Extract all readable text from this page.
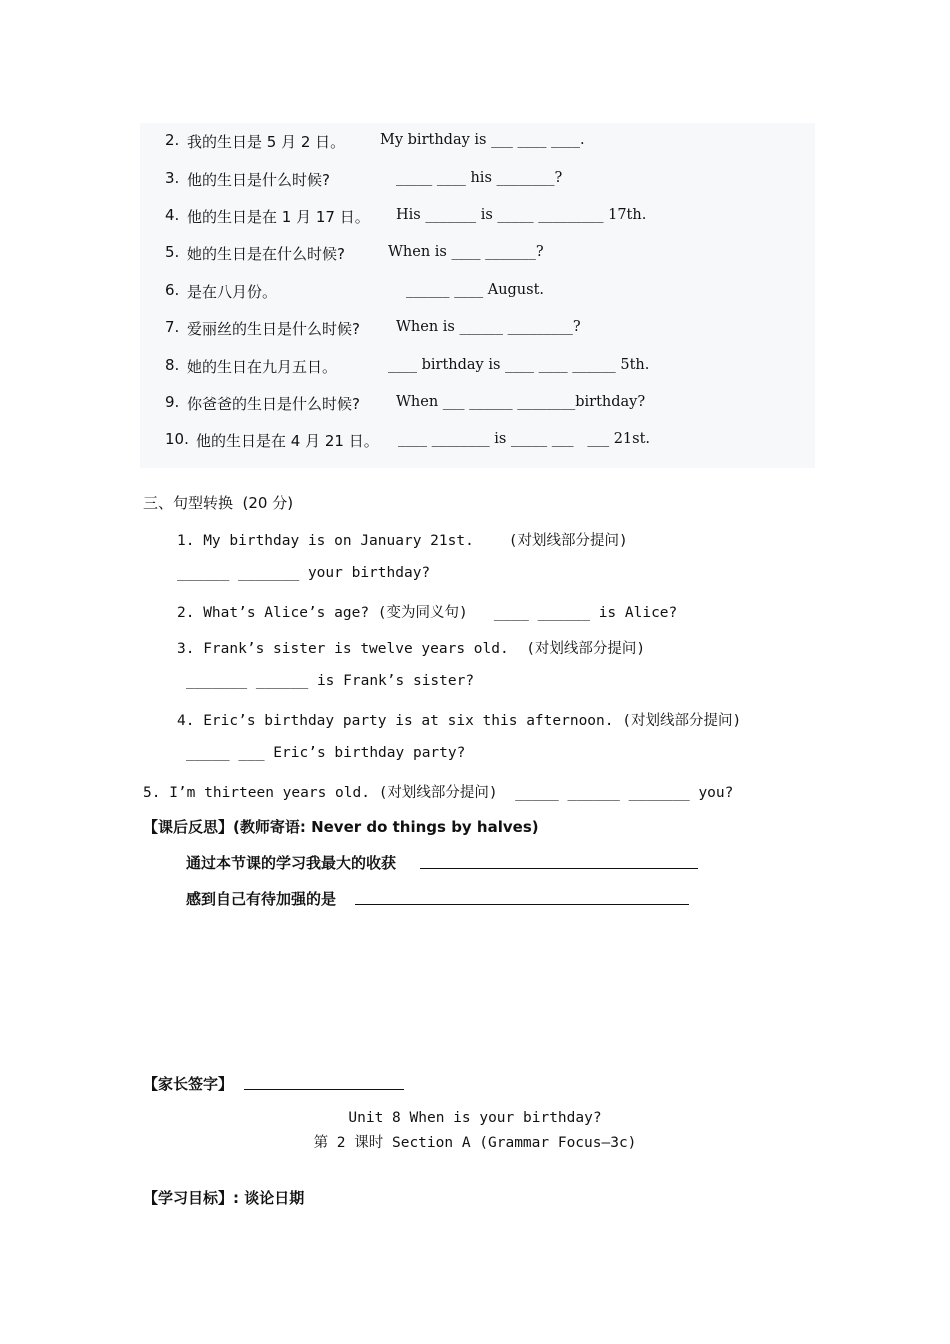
2. 我的生日是 5 月 2 日。 My birthday is ___ ____ ____.
3. 他的生日是什么时候?	_____ ____ his ________?
4. 他的生日是在 1 月 17 日。 His _______ is _____ _________ 17th.
5. 她的生日是在什么时候?	When is ____ _______?
6. 是在八月份。	______ ____ August.
7. 爱丽丝的生日是什么时候? When is ______ _________?
8. 她的生日在九月五日。	____ birthday is ____ ____ ______ 5th.
9. 你爸爸的生日是什么时候? When ___ ______ ________birthday?
10. 他的生日是在 4 月 21 日。 ____ ________ is _____ ___   ___ 21st.
三、句型转换  (20 分)
1. My birthday is on January 21st.    (对划线部分提问)
______ _______ your birthday?
2. What’s Alice’s age? (变为同义句)   ____ ______ is Alice?
3. Frank’s sister is twelve years old.  (对划线部分提问)
_______ ______ is Frank’s sister?
4. Eric’s birthday party is at six this afternoon. (对划线部分提问)
_____ ___ Eric’s birthday party?
5. I’m thirteen years old. (对划线部分提问)  _____ ______ _______ you?
【课后反思】(教师寄语: Never do things by halves)
通过本节课的学习我最大的收获
感到自己有待加强的是
【家长签字】
Unit 8 When is your birthday?
第 2 课时 Section A (Grammar Focus—3c)
【学习目标】: 谈论日期
